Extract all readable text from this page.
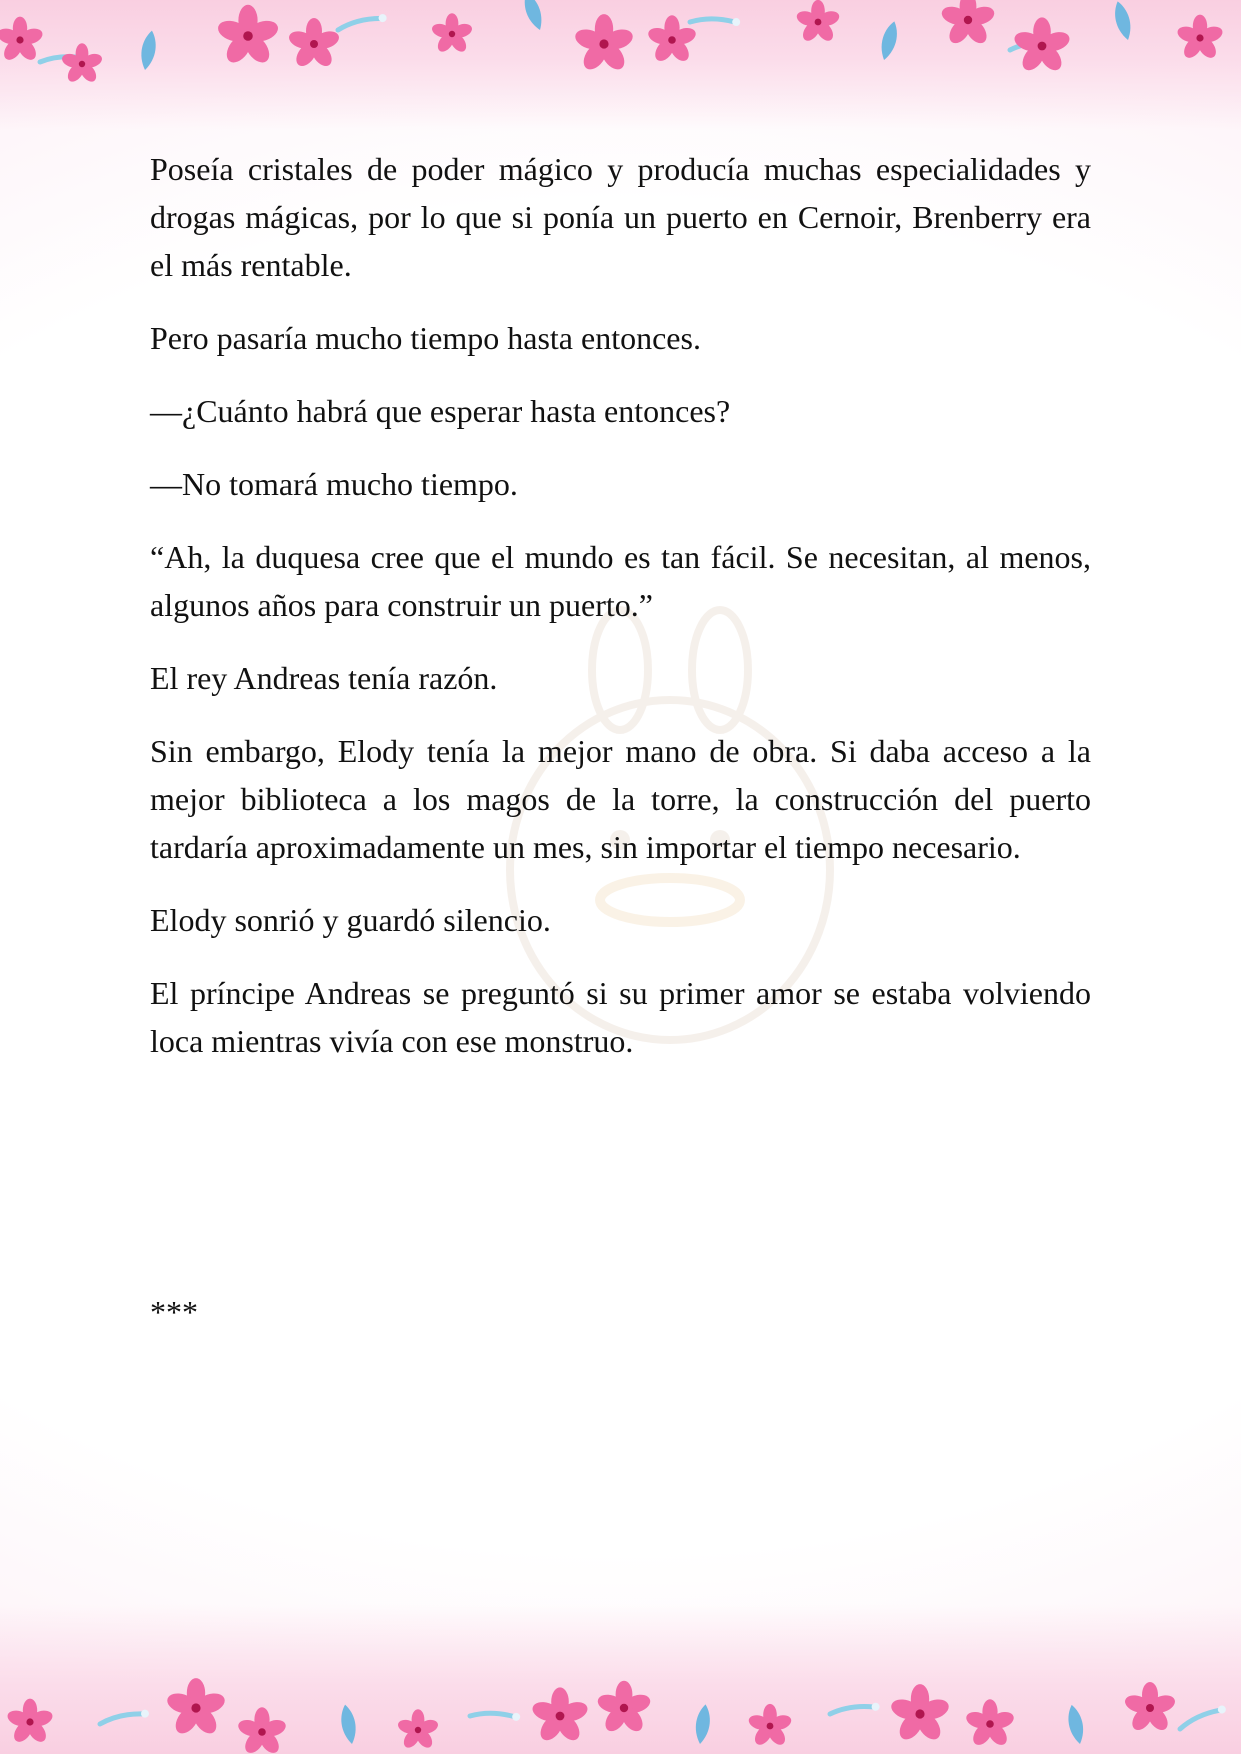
Poseía cristales de poder mágico y producía muchas especialidades y drogas mágicas, por lo que si ponía un puerto en Cernoir, Brenberry era el más rentable.

Pero pasaría mucho tiempo hasta entonces.

—¿Cuánto habrá que esperar hasta entonces?

—No tomará mucho tiempo.

“Ah, la duquesa cree que el mundo es tan fácil. Se necesitan, al menos, algunos años para construir un puerto.”

El rey Andreas tenía razón.

Sin embargo, Elody tenía la mejor mano de obra. Si daba acceso a la mejor biblioteca a los magos de la torre, la construcción del puerto tardaría aproximadamente un mes, sin importar el tiempo necesario.

Elody sonrió y guardó silencio.

El príncipe Andreas se preguntó si su primer amor se estaba volviendo loca mientras vivía con ese monstruo.

***
